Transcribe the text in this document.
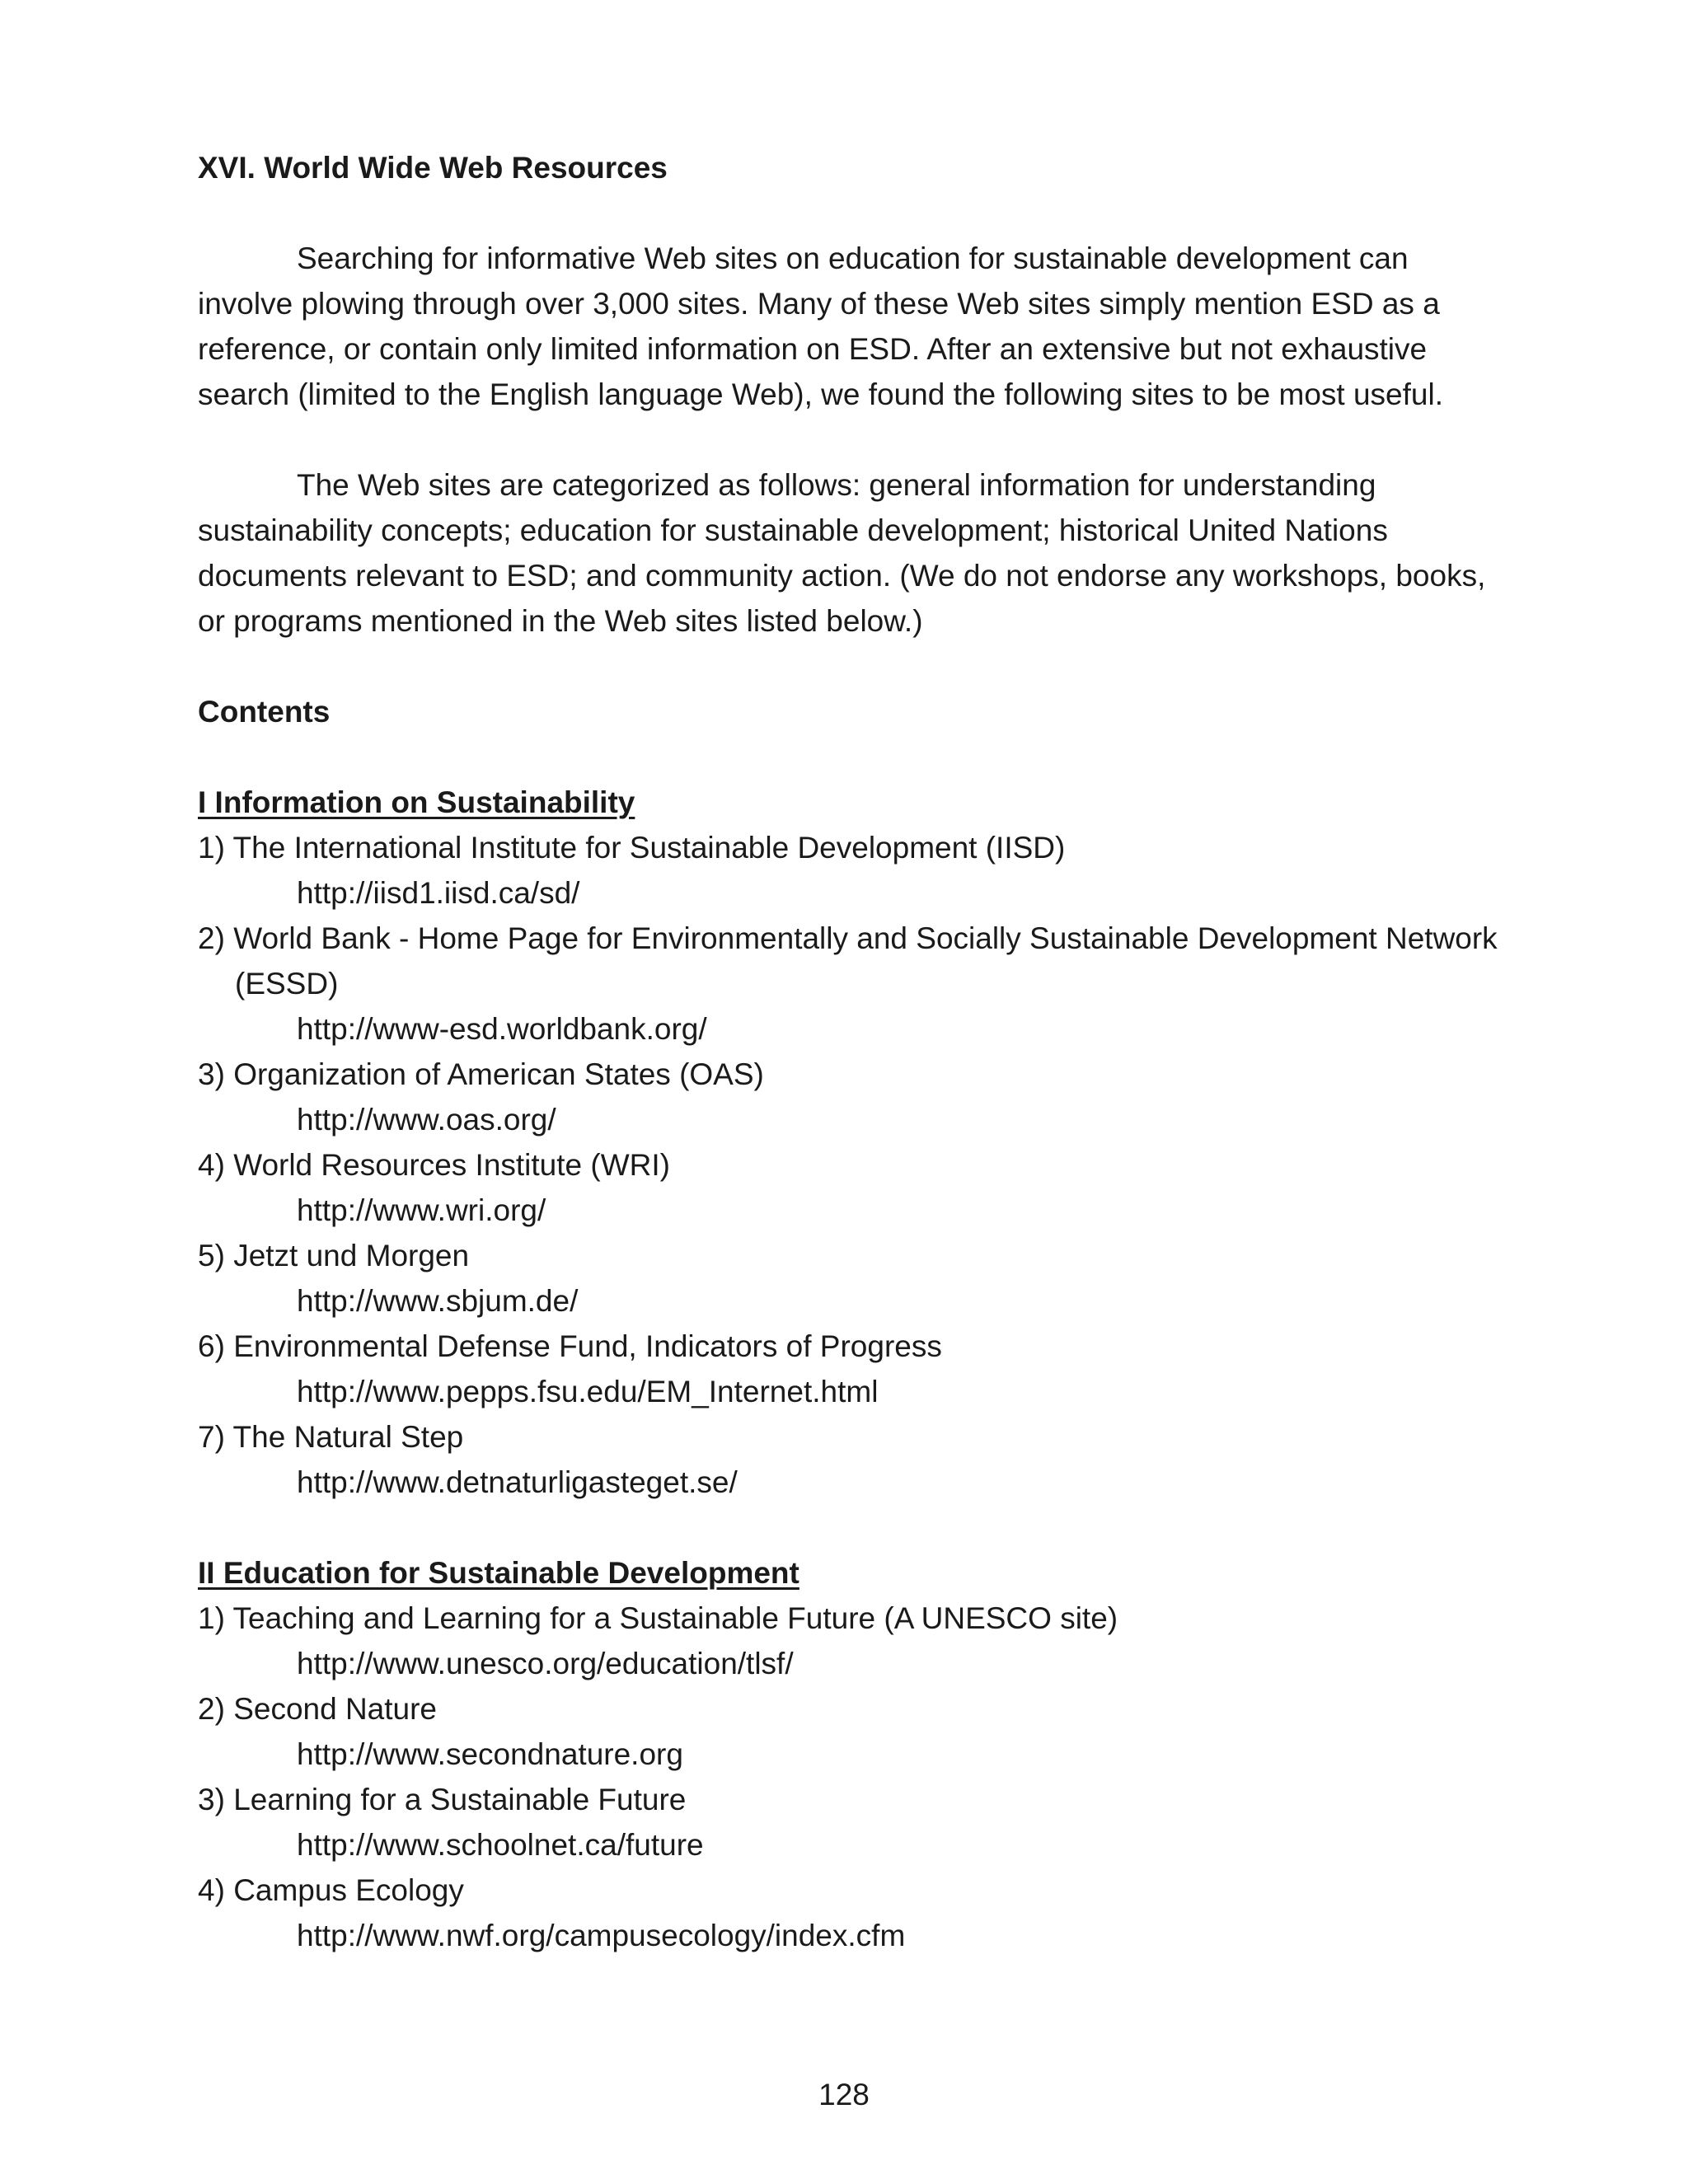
XVI. World Wide Web Resources

Searching for informative Web sites on education for sustainable development can involve plowing through over 3,000 sites. Many of these Web sites simply mention ESD as a reference, or contain only limited information on ESD. After an extensive but not exhaustive search (limited to the English language Web), we found the following sites to be most useful.

The Web sites are categorized as follows: general information for understanding sustainability concepts; education for sustainable development; historical United Nations documents relevant to ESD; and community action. (We do not endorse any workshops, books, or programs mentioned in the Web sites listed below.)

Contents

I Information on Sustainability

1) The International Institute for Sustainable Development (IISD)
http://iisd1.iisd.ca/sd/
2) World Bank - Home Page for Environmentally and Socially Sustainable Development Network (ESSD)
http://www-esd.worldbank.org/
3) Organization of American States (OAS)
http://www.oas.org/
4) World Resources Institute (WRI)
http://www.wri.org/
5) Jetzt und Morgen
http://www.sbjum.de/
6) Environmental Defense Fund, Indicators of Progress
http://www.pepps.fsu.edu/EM_Internet.html
7) The Natural Step
http://www.detnaturligasteget.se/

II Education for Sustainable Development

1) Teaching and Learning for a Sustainable Future (A UNESCO site)
http://www.unesco.org/education/tlsf/
2) Second Nature
http://www.secondnature.org
3) Learning for a Sustainable Future
http://www.schoolnet.ca/future
4) Campus Ecology
http://www.nwf.org/campusecology/index.cfm
128
